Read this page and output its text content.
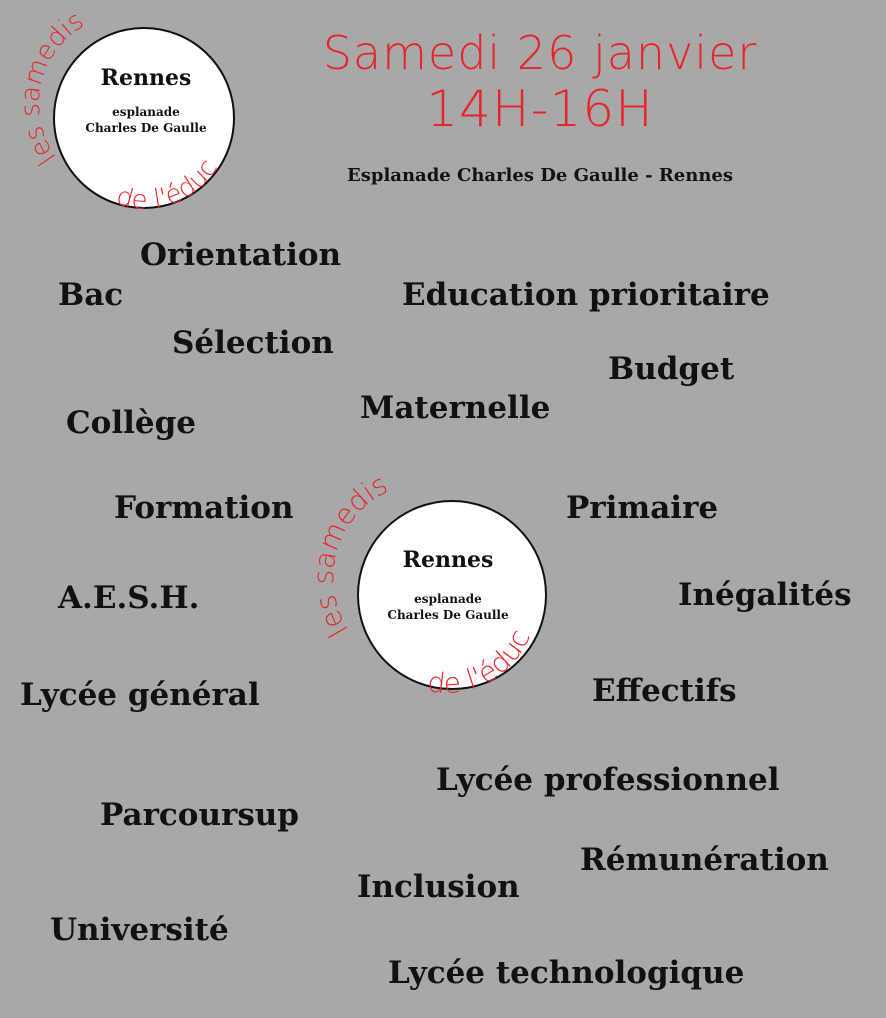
les samedis
de l'éduc
Rennes
esplanade
Charles De Gaulle
Samedi 26 janvier
14H-16H
Esplanade Charles De Gaulle - Rennes
les samedis
de l'éduc
Rennes
esplanade
Charles De Gaulle
Orientation
Bac	Education prioritaire
Sélection
Budget
Maternelle
Collège
Formation	Primaire
A.E.S.H.	Inégalités
Effectifs
Lycée général
Lycée professionnel
Parcoursup
Rémunération
Inclusion
Université
Lycée technologique
